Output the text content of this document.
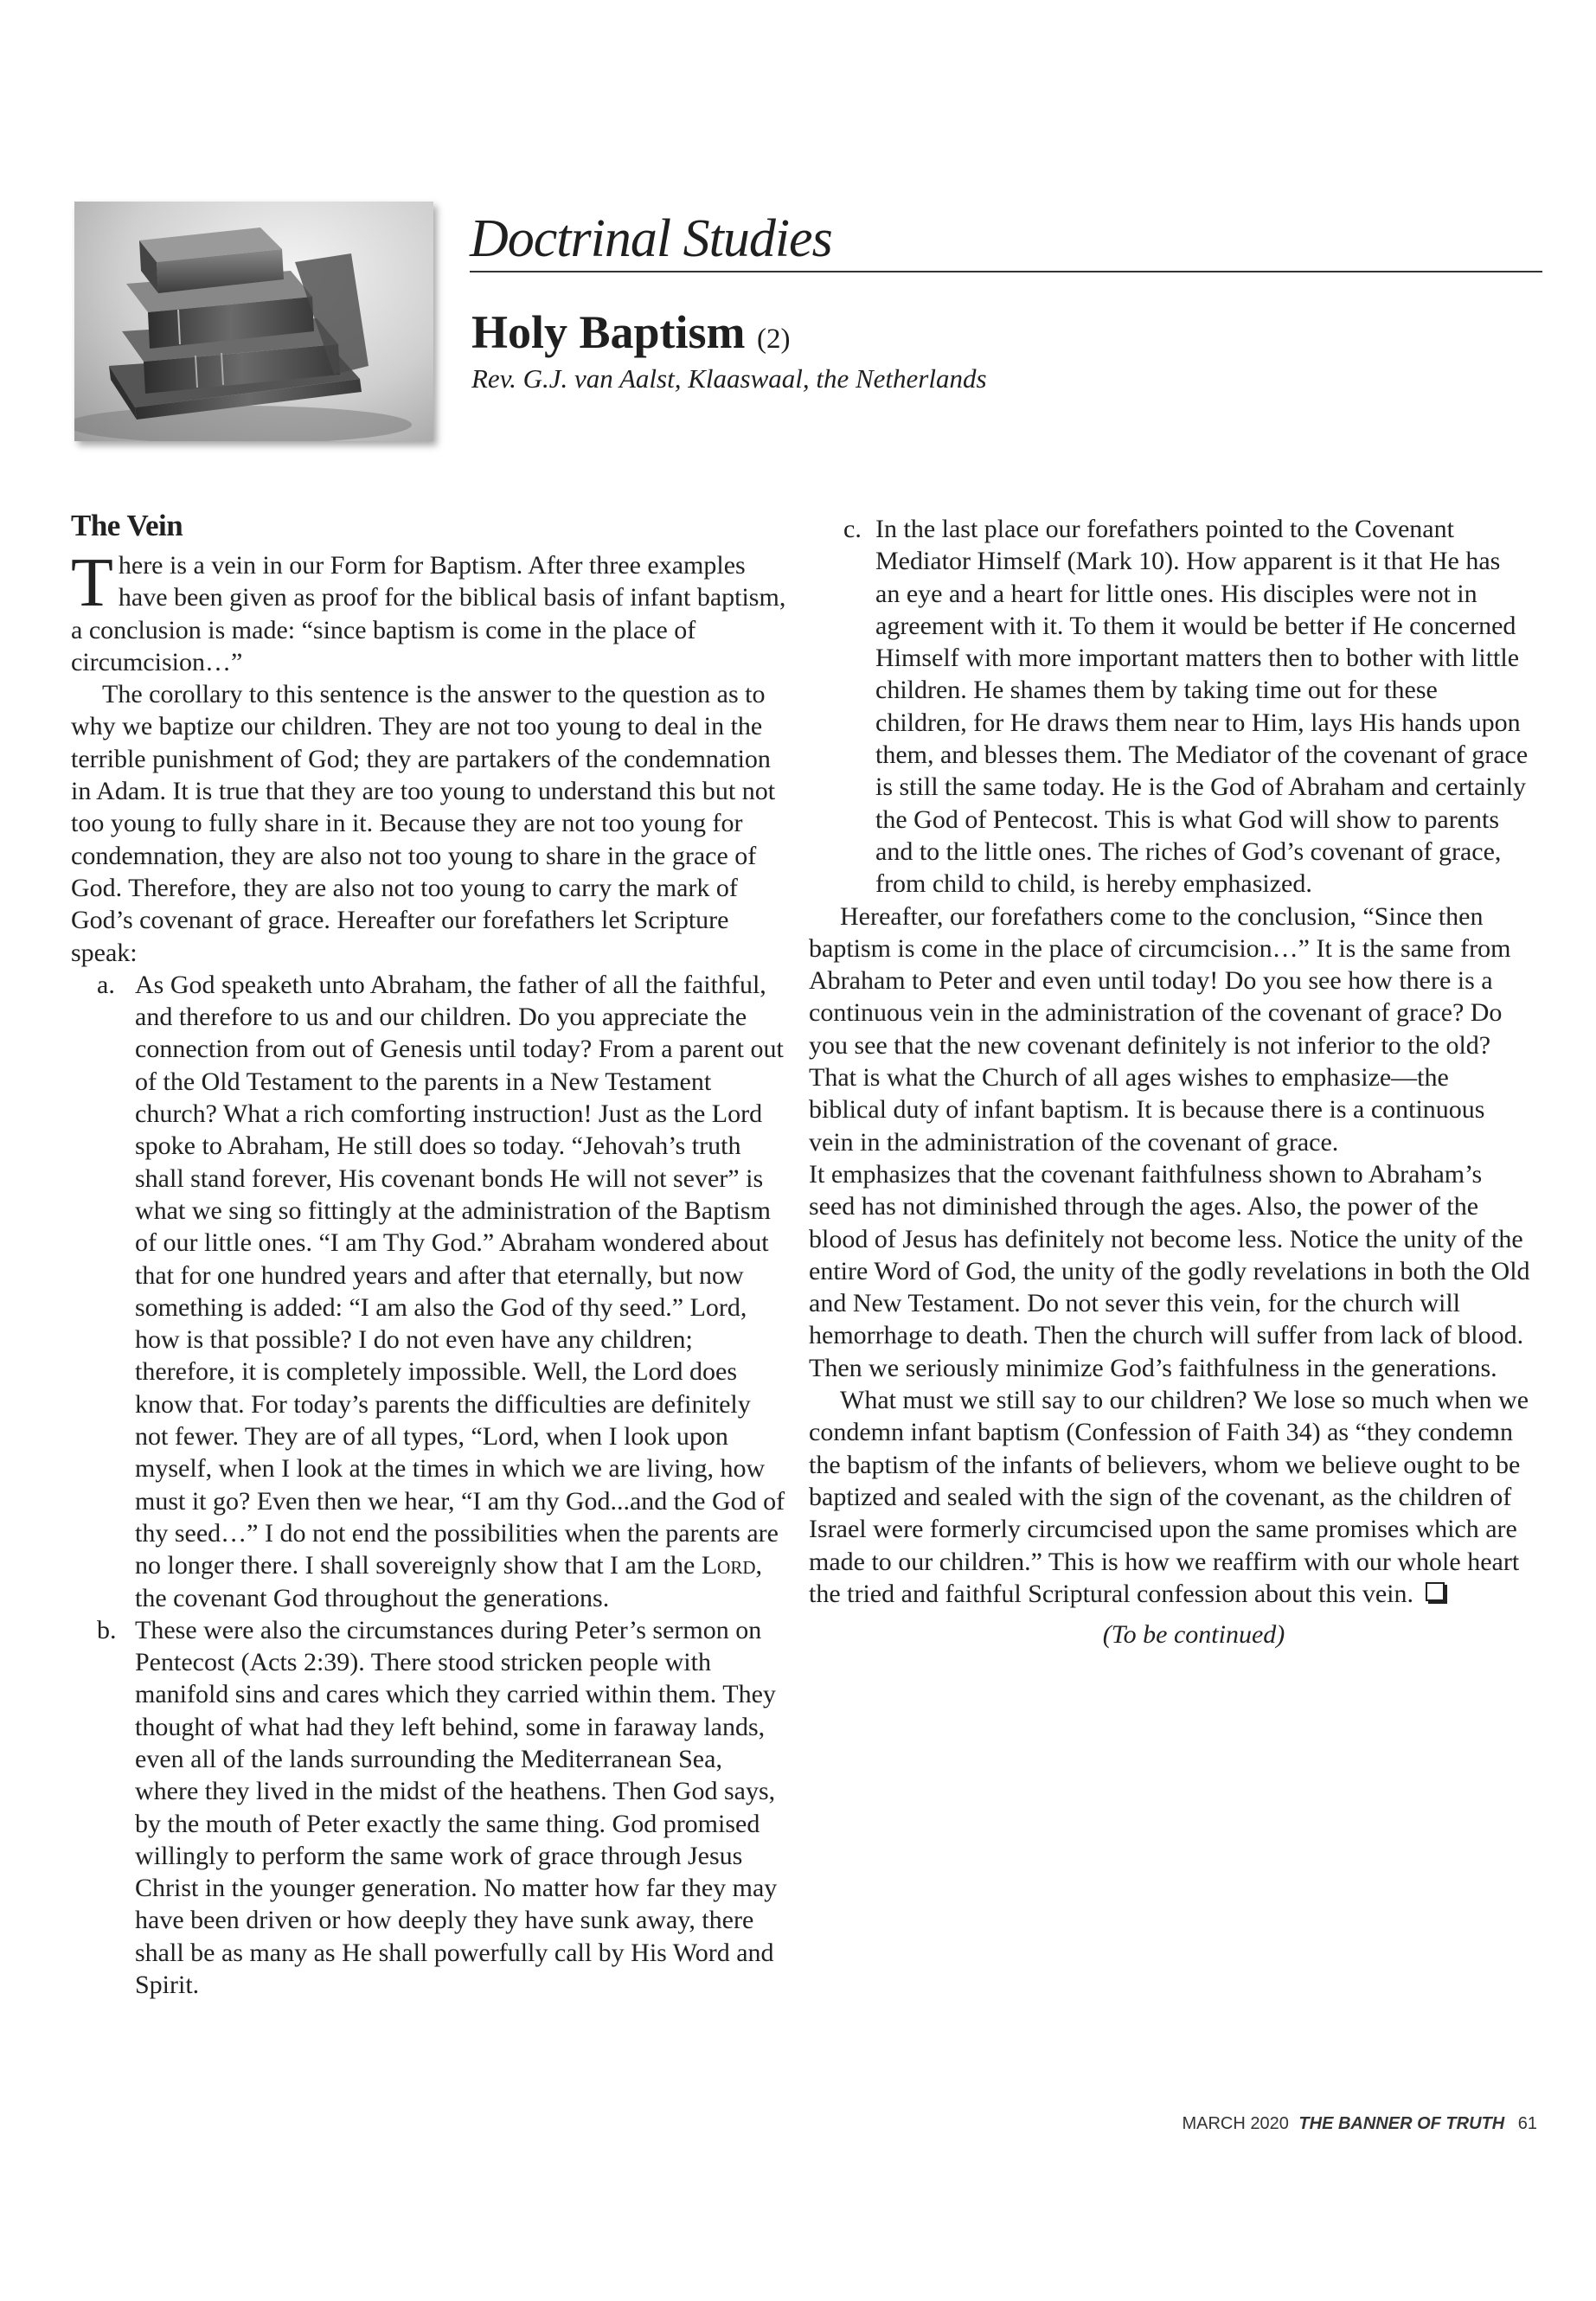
Doctrinal Studies
Holy Baptism (2)
Rev. G.J. van Aalst, Klaaswaal, the Netherlands
The Vein

There is a vein in our Form for Baptism. After three examples have been given as proof for the biblical basis of infant baptism, a conclusion is made: “since baptism is come in the place of circumcision…”

The corollary to this sentence is the answer to the question as to why we baptize our children. They are not too young to deal in the terrible punishment of God; they are partakers of the condemnation in Adam. It is true that they are too young to understand this but not too young to fully share in it. Because they are not too young for condemnation, they are also not too young to share in the grace of God. Therefore, they are also not too young to carry the mark of God’s covenant of grace. Hereafter our forefathers let Scripture speak:

a. As God speaketh unto Abraham, the father of all the faithful, and therefore to us and our children. Do you appreciate the connection from out of Genesis until today? From a parent out of the Old Testament to the parents in a New Testament church? What a rich comforting instruction! Just as the Lord spoke to Abraham, He still does so today. “Jehovah’s truth shall stand forever, His covenant bonds He will not sever” is what we sing so fittingly at the administration of the Baptism of our little ones. “I am Thy God.” Abraham wondered about that for one hundred years and after that eternally, but now something is added: “I am also the God of thy seed.” Lord, how is that possible? I do not even have any children; therefore, it is completely impossible. Well, the Lord does know that. For today’s parents the difficulties are definitely not fewer. They are of all types, “Lord, when I look upon myself, when I look at the times in which we are living, how must it go? Even then we hear, “I am thy God...and the God of thy seed…” I do not end the possibilities when the parents are no longer there. I shall sovereignly show that I am the Lord, the covenant God throughout the generations.
b. These were also the circumstances during Peter’s sermon on Pentecost (Acts 2:39). There stood stricken people with manifold sins and cares which they carried within them. They thought of what had they left behind, some in faraway lands, even all of the lands surrounding the Mediterranean Sea, where they lived in the midst of the heathens. Then God says, by the mouth of Peter exactly the same thing. God promised willingly to perform the same work of grace through Jesus Christ in the younger generation. No matter how far they may have been driven or how deeply they have sunk away, there shall be as many as He shall powerfully call by His Word and Spirit.
c. In the last place our forefathers pointed to the Covenant Mediator Himself (Mark 10). How apparent is it that He has an eye and a heart for little ones. His disciples were not in agreement with it. To them it would be better if He concerned Himself with more important matters then to bother with little children. He shames them by taking time out for these children, for He draws them near to Him, lays His hands upon them, and blesses them. The Mediator of the covenant of grace is still the same today. He is the God of Abraham and certainly the God of Pentecost. This is what God will show to parents and to the little ones. The riches of God’s covenant of grace, from child to child, is hereby emphasized.

Hereafter, our forefathers come to the conclusion, “Since then baptism is come in the place of circumcision…” It is the same from Abraham to Peter and even until today! Do you see how there is a continuous vein in the administration of the covenant of grace? Do you see that the new covenant definitely is not inferior to the old? That is what the Church of all ages wishes to emphasize—the biblical duty of infant baptism. It is because there is a continuous vein in the administration of the covenant of grace.

It emphasizes that the covenant faithfulness shown to Abraham’s seed has not diminished through the ages. Also, the power of the blood of Jesus has definitely not become less. Notice the unity of the entire Word of God, the unity of the godly revelations in both the Old and New Testament. Do not sever this vein, for the church will hemorrhage to death. Then the church will suffer from lack of blood. Then we seriously minimize God’s faithfulness in the generations.

What must we still say to our children? We lose so much when we condemn infant baptism (Confession of Faith 34) as “they condemn the baptism of the infants of believers, whom we believe ought to be baptized and sealed with the sign of the covenant, as the children of Israel were formerly circumcised upon the same promises which are made to our children.” This is how we reaffirm with our whole heart the tried and faithful Scriptural confession about this vein.

(To be continued)
MARCH 2020 THE BANNER OF TRUTH 61
